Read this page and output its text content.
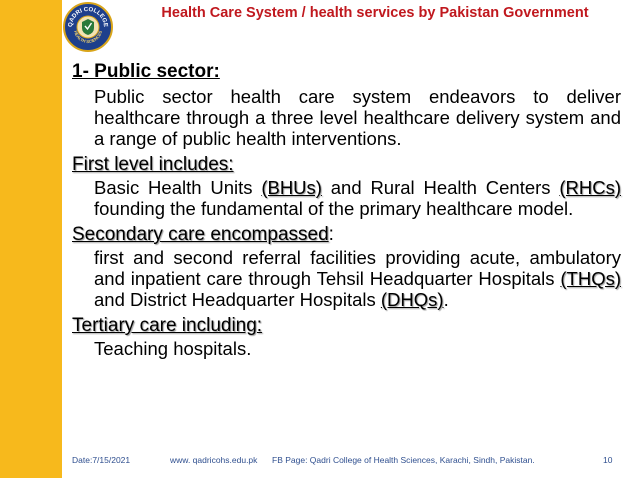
QADRI COLLEGE
HEALTH SCIENCES
Health Care System / health services by Pakistan Government
1- Public sector:
Public sector health care system endeavors to deliver healthcare through a three level healthcare delivery system and a range of public health interventions.
First level includes:
Basic Health Units (BHUs) and Rural Health Centers (RHCs) founding the fundamental of the primary healthcare model.
Secondary care encompassed:
first and second referral facilities providing acute, ambulatory and inpatient care through Tehsil Headquarter Hospitals (THQs) and District Headquarter Hospitals (DHQs).
Tertiary care including:
Teaching hospitals.
Date:7/15/2021	www. qadricohs.edu.pk FB Page: Qadri College of Health Sciences, Karachi, Sindh, Pakistan.	10
